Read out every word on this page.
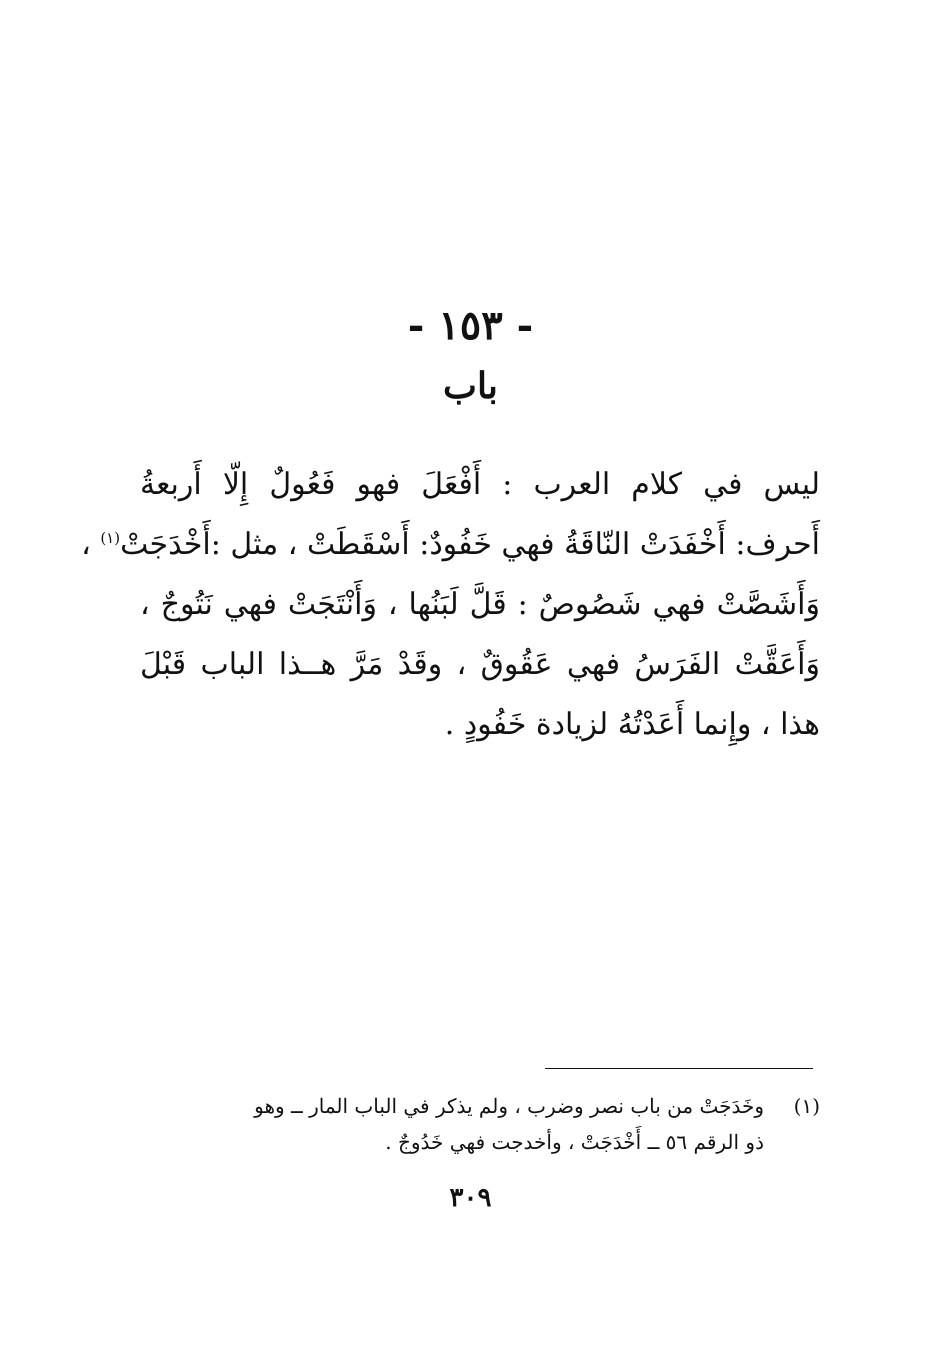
- ١٥٣ -
باب
ليس في كلام العرب : أَفْعَلَ فهو فَعُولٌ إِلّا أَربعةُ
أَحرف: أَخْفَدَتْ النّاقَةُ فهي خَفُودٌ: أَسْقَطَتْ ، مثل :أَخْدَجَتْ$^{(١)}$ ،
وَأَشَصَّتْ فهي شَصُوصٌ : قَلَّ لَبَنُها ، وَأَنْتَجَتْ فهي نَتُوجٌ ،
وَأَعَقَّتْ الفَرَسُ فهي عَقُوقٌ ، وقَدْ مَرَّ هــذا الباب قَبْلَ
هذا ، وإِنما أَعَدْتُهُ لزيادة خَفُودٍ .
(١)وخَدَجَتْ من باب نصر وضرب ، ولم يذكر في الباب المار ــ وهو
ذو الرقم ٥٦ ــ أَخْدَجَتْ ، وأخدجت فهي خَدُوجٌ .
٣٠٩
